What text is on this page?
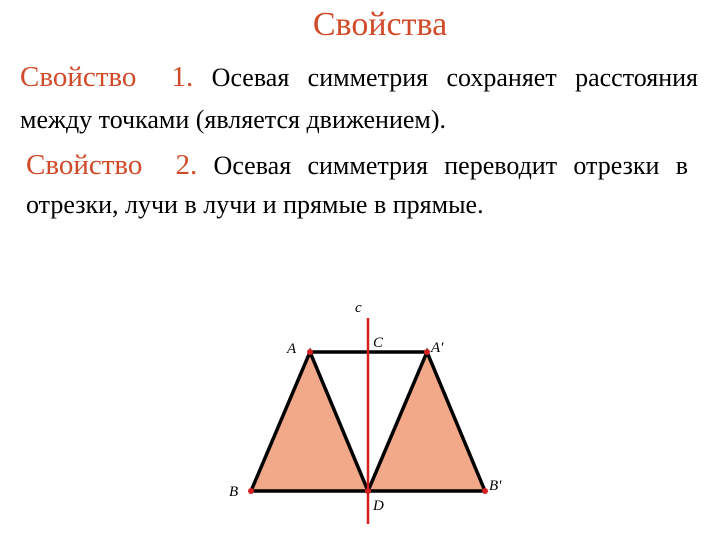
Свойства
Свойство 1. Осевая симметрия сохраняет расстояния между точками (является движением).
Свойство 2. Осевая симметрия переводит отрезки в отрезки, лучи в лучи и прямые в прямые.
c
A	C	A'
B	B'
D
